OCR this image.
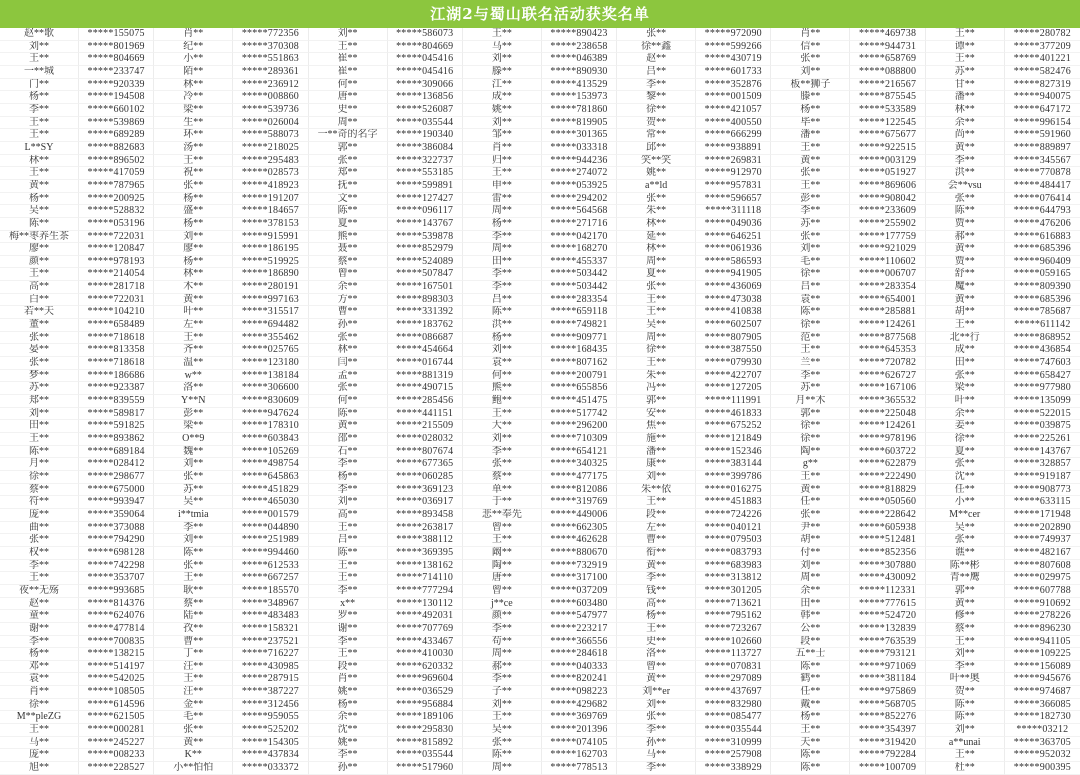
江湖2与蜀山联名活动获奖名单
赵**歌	*****155075	肖**	*****772356	刘**	*****586073	王**	*****890423	张**	*****972090	肖**	*****469738	王**	*****280782
刘**	*****801969	纪**	*****370308	王**	*****804669	马**	*****238658	徐**鑫	*****599266	信**	*****944731	谭**	*****377209
王**	*****804669	小**	*****551863	崔**	*****045416	刘**	*****046389	赵**	*****430719	张**	*****658769	王**	*****401221
一**城	*****233747	陌**	*****289361	崔**	*****045416	滕**	*****890930	吕**	*****601733	刘**	*****088800	苏**	*****582476
门**	*****920339	林**	*****236912	何**	*****309066	江**	*****413529	李**	*****352876	板**狮子	*****216567	甘**	*****827319
杨**	*****194508	冷**	*****008860	唐**	*****136856	成**	*****153973	黎**	*****001509	滕**	*****875545	潘**	*****940075
李**	*****660102	梁**	*****539736	史**	*****526087	姚**	*****781860	徐**	*****421057	杨**	*****533589	林**	*****647172
王**	*****539869	生**	*****026004	周**	*****035544	刘**	*****819905	贺**	*****400550	毕**	*****122545	余**	*****996154
王**	*****689289	环**	*****588073	一**奇的名字	*****190340	邹**	*****301365	常**	*****666299	潘**	*****675677	尚**	*****591960
L**SY	*****882683	汤**	*****218025	郭**	*****386084	肖**	*****033318	邱**	*****938891	王**	*****922515	黄**	*****889897
林**	*****896502	王**	*****295483	张**	*****322737	归**	*****944236	笑**笑	*****269831	黄**	*****003129	李**	*****345567
王**	*****417059	祝**	*****028573	郑**	*****553185	王**	*****274072	姚**	*****912970	张**	*****051927	洪**	*****770878
黄**	*****787965	张**	*****418923	抚**	*****599891	申**	*****053925	a**ld	*****957831	王**	*****869606	会**vsu	*****484417
杨**	*****200925	杨**	*****191207	文**	*****127427	雷**	*****294202	张**	*****596657	彭**	*****908042	张**	*****076414
吴**	*****528832	盛**	*****184657	陈**	*****096117	周**	*****564568	朱**	*****311118	李**	*****233609	陈**	*****644793
陈**	*****053196	杨**	*****378153	夏**	*****143767	杨**	*****271716	林**	*****049036	苏**	*****255902	贾**	*****476206
梅**枣养生茶	*****722031	刘**	*****915991	熊**	*****539878	李**	*****042170	延**	*****646251	张**	*****177759	郝**	*****616883
廖**	*****120847	廖**	*****186195	聂**	*****852979	周**	*****168270	林**	*****061936	刘**	*****921029	黄**	*****685396
颜**	*****978193	杨**	*****519925	蔡**	*****524089	田**	*****455337	周**	*****586593	毛**	*****110602	贾**	*****960409
王**	*****214054	林**	*****186890	曾**	*****507847	李**	*****503442	夏**	*****941905	徐**	*****006707	舒**	*****059165
高**	*****281718	木**	*****280191	余**	*****167501	李**	*****503442	张**	*****436069	吕**	*****283354	魔**	*****809390
白**	*****722031	黄**	*****997163	方**	*****898303	吕**	*****283354	王**	*****473038	袁**	*****654001	黄**	*****685396
若**天	*****104210	叶**	*****315517	曹**	*****331392	陈**	*****659118	王**	*****410838	陈**	*****285881	胡**	*****785687
董**	*****658489	左**	*****694482	孙**	*****183762	洪**	*****749821	吴**	*****602507	徐**	*****124261	王**	*****611142
张**	*****718618	王**	*****355462	张**	*****086687	杨**	*****909771	周**	*****807905	范**	*****877568	北**行	*****868952
晏**	*****813358	齐**	*****025765	林**	*****454664	刘**	*****168435	徐**	*****387550	王**	*****645353	成**	*****436854
张**	*****718618	温**	*****123180	闫**	*****016744	袁**	*****807162	王**	*****079930	兰**	*****720782	田**	*****747603
梦**	*****186686	w**	*****138184	孟**	*****881319	何**	*****200791	朱**	*****422707	李**	*****626727	张**	*****658427
苏**	*****923387	洛**	*****306600	张**	*****490715	熊**	*****655856	冯**	*****127205	苏**	*****167106	梁**	*****977980
郑**	*****839559	Y**N	*****830609	何**	*****285456	鲍**	*****451475	郭**	*****111991	月**木	*****365532	叶**	*****135099
刘**	*****589817	彭**	*****947624	陈**	*****441151	王**	*****517742	安**	*****461833	郭**	*****225048	余**	*****522015
田**	*****591825	梁**	*****178310	黄**	*****215509	大**	*****296200	焦**	*****675252	徐**	*****124261	姜**	*****039875
王**	*****893862	O**9	*****603843	邵**	*****028032	刘**	*****710309	施**	*****121849	徐**	*****978196	徐**	*****225261
陈**	*****689184	魏**	*****105269	石**	*****807674	李**	*****654121	潘**	*****152346	陶**	*****603722	夏**	*****143767
月**	*****028412	刘**	*****498754	李**	*****677365	张**	*****340325	康**	*****383144	g**	*****622879	张**	*****328857
徐**	*****298677	张**	*****645863	杨**	*****060285	蔡**	*****477175	刘**	*****399786	王**	*****222490	沈**	*****919187
蔡**	*****675000	苏**	*****451829	李**	*****369123	单**	*****812086	朱**依	*****016275	黄**	*****818829	任**	*****908773
符**	*****993947	吴**	*****465030	刘**	*****036917	于**	*****319769	王**	*****451883	任**	*****050560	小**	*****633115
庞**	*****359064	i**tmia	*****001579	高**	*****893458	悲**奉先	*****449006	段**	*****724226	张**	*****228642	M**cer	*****171948
曲**	*****373088	李**	*****044890	王**	*****263817	曾**	*****662305	左**	*****040121	尹**	*****605938	吴**	*****202890
张**	*****794290	刘**	*****251989	吕**	*****388112	王**	*****462628	曹**	*****079503	胡**	*****512481	张**	*****749937
权**	*****698128	陈**	*****994460	陈**	*****369395	阚**	*****880670	衔**	*****083793	付**	*****852356	谯**	*****482167
李**	*****742298	张**	*****612533	王**	*****138162	陶**	*****732919	黄**	*****683983	刘**	*****307880	陈**彬	*****807608
王**	*****353707	王**	*****667257	王**	*****714110	唐**	*****317100	李**	*****313812	周**	*****430092	青**鹰	*****029975
夜**无殇	*****993685	耿**	*****185570	李**	*****777294	曾**	*****037209	钱**	*****301205	余**	*****112331	郭**	*****607788
赵**	*****814376	蔡**	*****348967	x**	*****130112	j**ce	*****603480	高**	*****713621	田**	*****777615	黄**	*****910692
童**	*****624076	陆**	*****483483	罗**	*****492031	颜**	*****547977	杨**	*****795162	韩**	*****524720	修**	*****278226
谢**	*****477814	孜**	*****158321	谢**	*****707769	李**	*****223217	王**	*****723267	公**	*****132839	蔡**	*****896230
李**	*****700835	曹**	*****237521	李**	*****433467	苟**	*****366556	史**	*****102660	段**	*****763539	王**	*****941105
杨**	*****138215	丁**	*****716227	王**	*****410030	周**	*****284618	洛**	*****113727	五**士	*****793121	刘**	*****109225
邓**	*****514197	汪**	*****430985	段**	*****620332	郝**	*****040333	曾**	*****070831	陈**	*****971069	李**	*****156089
袁**	*****542025	王**	*****287915	肖**	*****969604	李**	*****820241	黄**	*****297089	鹤**	*****381184	叶**奥	*****945676
肖**	*****108505	汪**	*****387227	姚**	*****036529	子**	*****098223	刘**er	*****437697	任**	*****975869	贺**	*****974687
徐**	*****614596	金**	*****312456	杨**	*****956884	刘**	*****429682	刘**	*****832980	戴**	*****568705	陈**	*****366085
M**pleZG	*****621505	毛**	*****959055	余**	*****189106	王**	*****369769	张**	*****085477	杨**	*****852276	陈**	*****182730
王**	*****000281	张**	*****525202	沈**	*****295830	吴**	*****201396	李**	*****035544	王**	*****354397	刘**	*****03212
马**	*****245227	黄**	*****154305	姚**	*****815892	张**	*****074105	孙**	*****310999	天**	*****319420	a**unai	*****363705
庞**	*****008233	K**	*****437834	李**	*****035544	陈**	*****162703	马**	*****257908	陈**	*****792284	王**	*****952032
旭**	*****228527	小**怕怕	*****033372	孙**	*****517960	周**	*****778513	李**	*****338929	陈**	*****100709	杜**	*****900395
